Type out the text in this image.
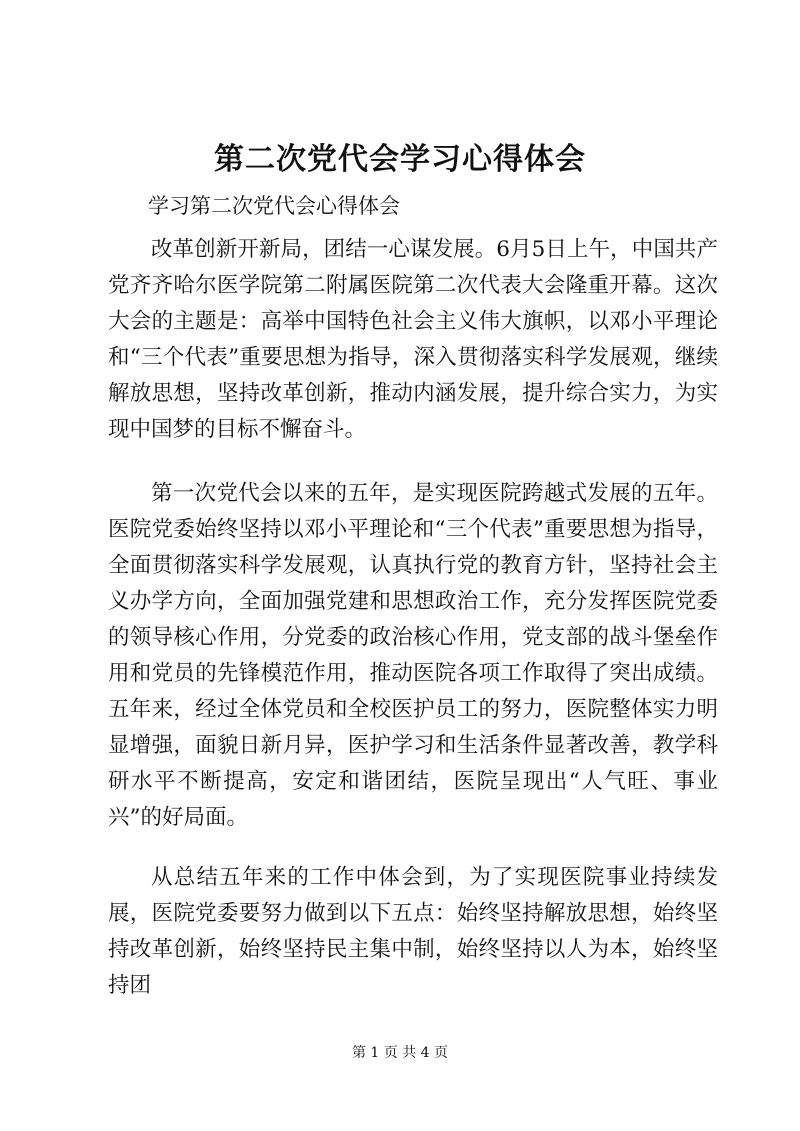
第二次党代会学习心得体会

学习第二次党代会心得体会

改革创新开新局，团结一心谋发展。6月5日上午，中国共产党齐齐哈尔医学院第二附属医院第二次代表大会隆重开幕。这次大会的主题是：高举中国特色社会主义伟大旗帜，以邓小平理论和“三个代表”重要思想为指导，深入贯彻落实科学发展观，继续解放思想，坚持改革创新，推动内涵发展，提升综合实力，为实现中国梦的目标不懈奋斗。

第一次党代会以来的五年，是实现医院跨越式发展的五年。医院党委始终坚持以邓小平理论和“三个代表”重要思想为指导，全面贯彻落实科学发展观，认真执行党的教育方针，坚持社会主义办学方向，全面加强党建和思想政治工作，充分发挥医院党委的领导核心作用，分党委的政治核心作用，党支部的战斗堡垒作用和党员的先锋模范作用，推动医院各项工作取得了突出成绩。五年来，经过全体党员和全校医护员工的努力，医院整体实力明显增强，面貌日新月异，医护学习和生活条件显著改善，教学科研水平不断提高，安定和谐团结，医院呈现出“人气旺、事业兴”的好局面。

从总结五年来的工作中体会到，为了实现医院事业持续发展，医院党委要努力做到以下五点：始终坚持解放思想，始终坚持改革创新，始终坚持民主集中制，始终坚持以人为本，始终坚持团

第 1 页 共 4 页
